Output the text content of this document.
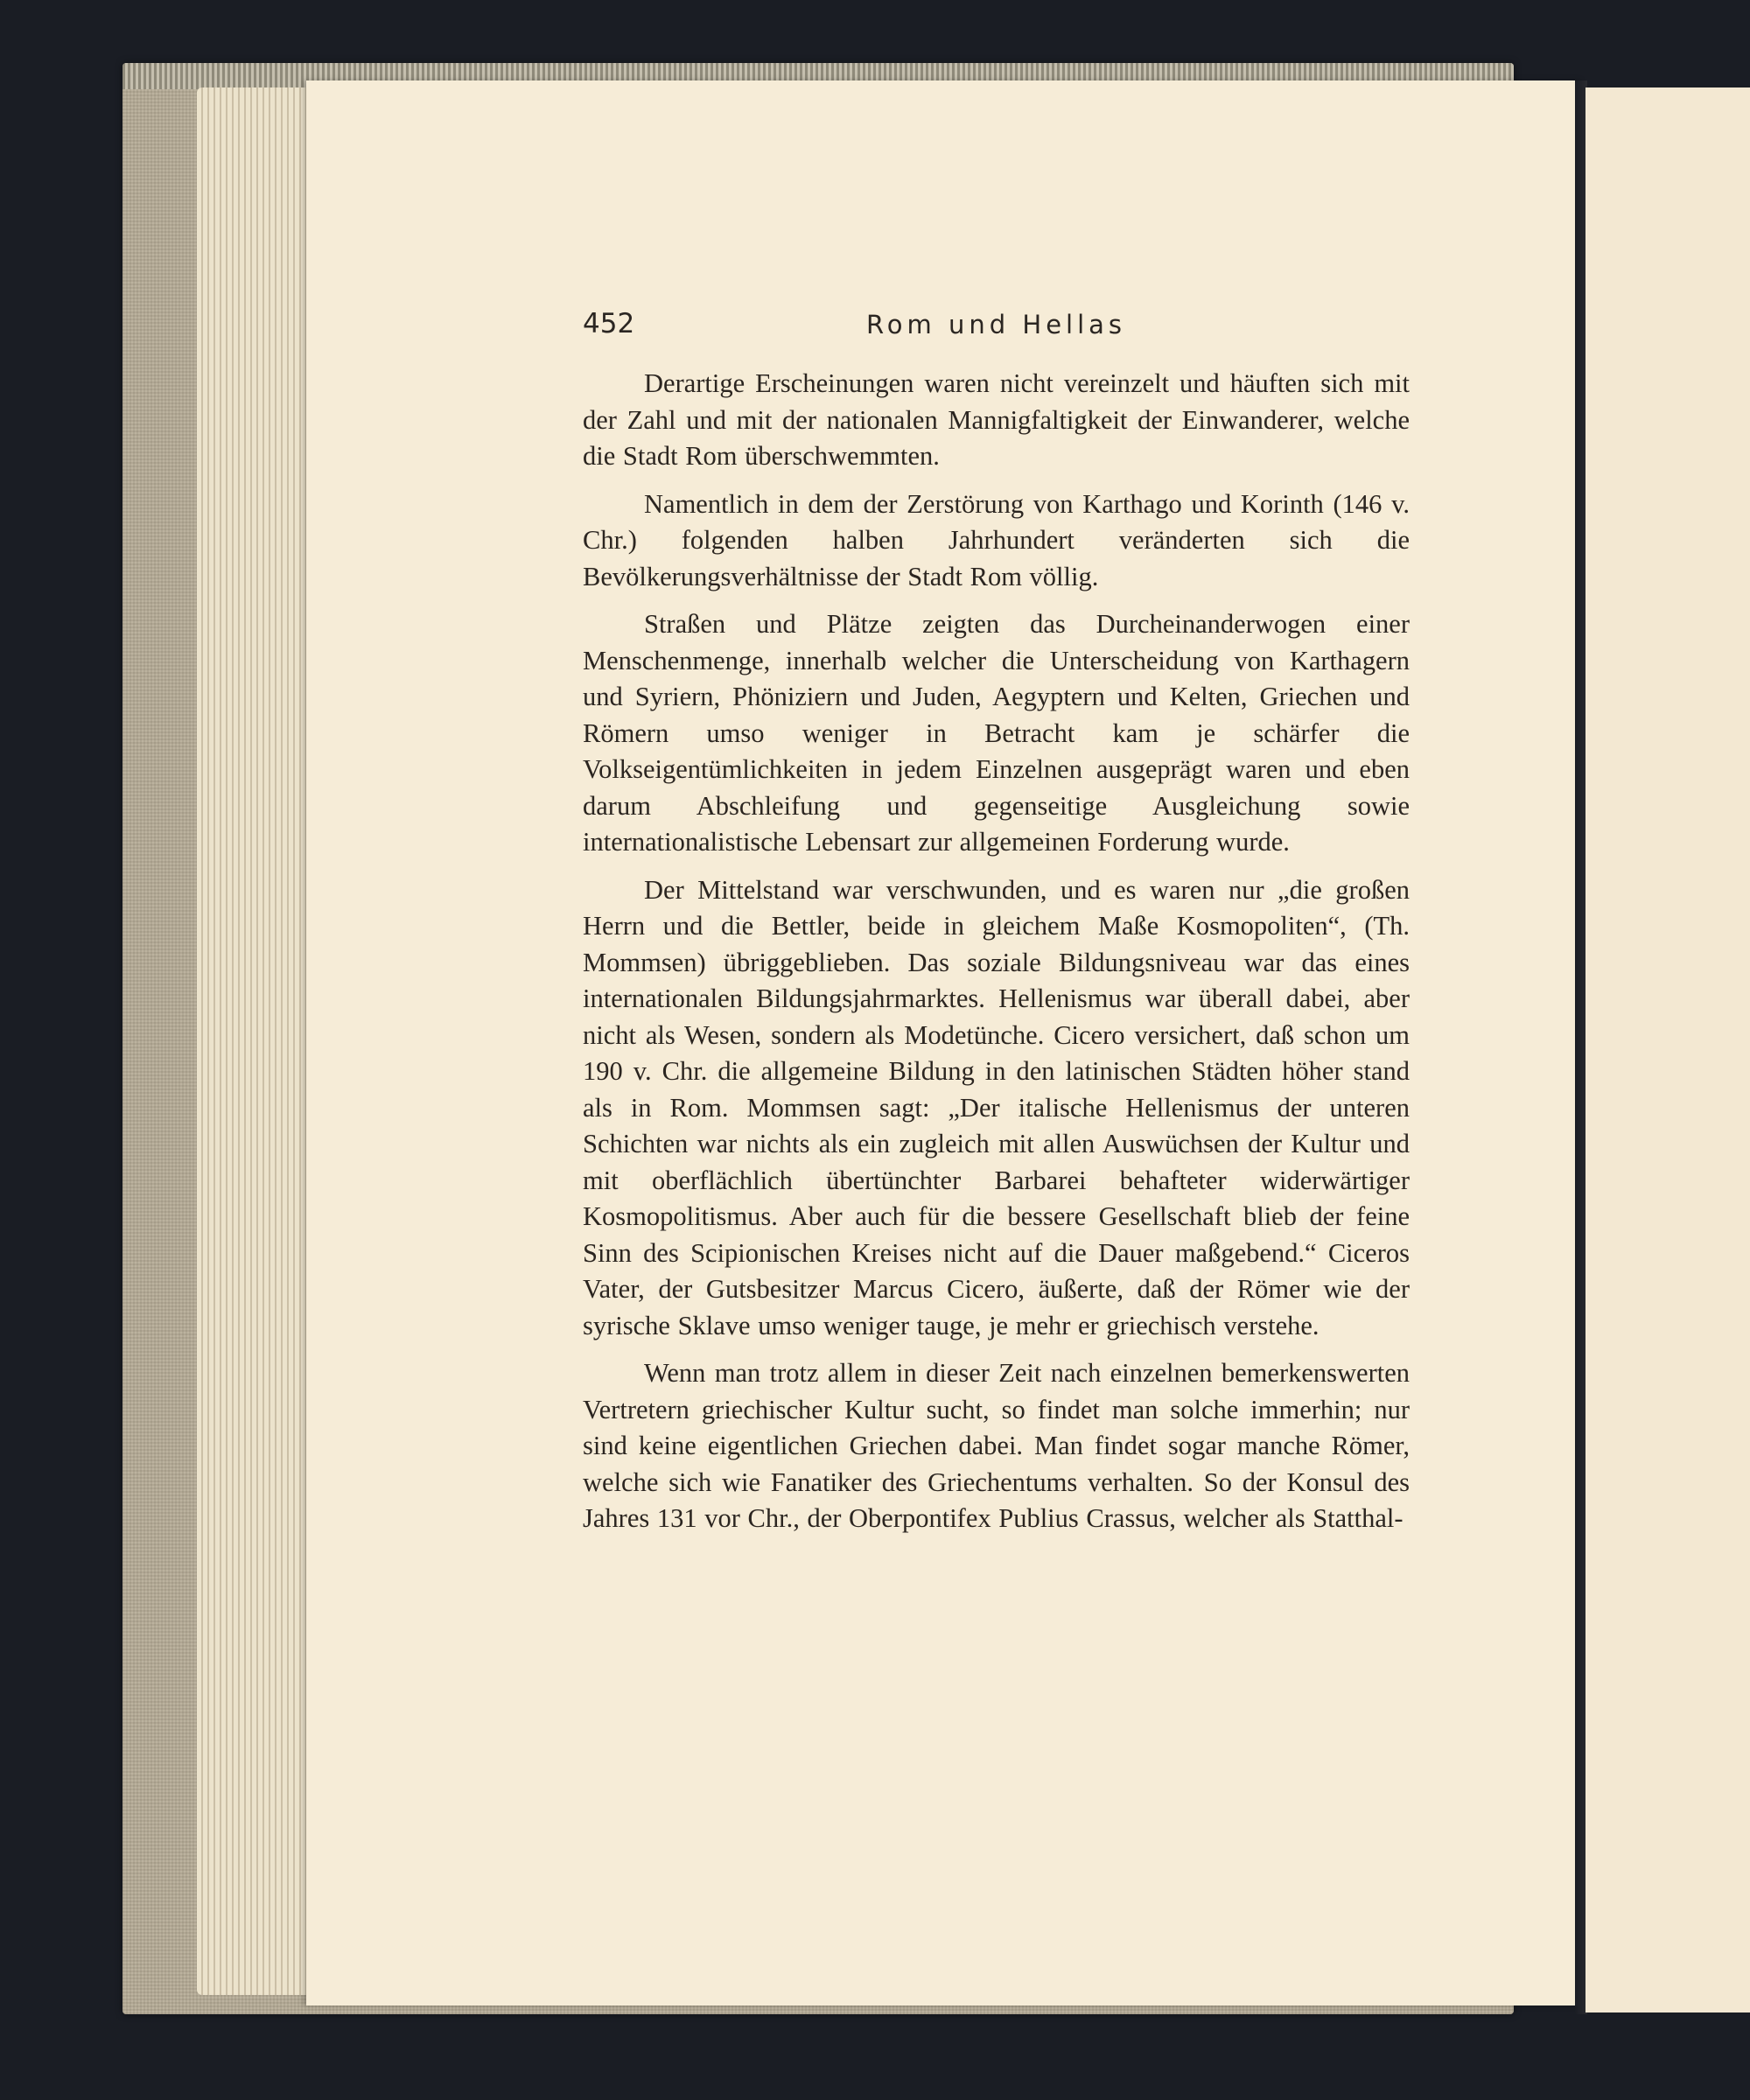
452	Rom und Hellas

Derartige Erscheinungen waren nicht vereinzelt und häuften sich mit der Zahl und mit der nationalen Mannigfaltigkeit der Einwanderer, welche die Stadt Rom überschwemmten.

Namentlich in dem der Zerstörung von Karthago und Korinth (146 v. Chr.) folgenden halben Jahrhundert veränderten sich die Bevölkerungsverhältnisse der Stadt Rom völlig.

Straßen und Plätze zeigten das Durcheinanderwogen einer Menschenmenge, innerhalb welcher die Unterscheidung von Karthagern und Syriern, Phöniziern und Juden, Aegyptern und Kelten, Griechen und Römern umso weniger in Betracht kam je schärfer die Volkseigentümlichkeiten in jedem Einzelnen ausgeprägt waren und eben darum Abschleifung und gegenseitige Ausgleichung sowie internationalistische Lebensart zur allgemeinen Forderung wurde.

Der Mittelstand war verschwunden, und es waren nur „die großen Herrn und die Bettler, beide in gleichem Maße Kosmopoliten“, (Th. Mommsen) übriggeblieben. Das soziale Bildungsniveau war das eines internationalen Bildungsjahrmarktes. Hellenismus war überall dabei, aber nicht als Wesen, sondern als Modetünche. Cicero versichert, daß schon um 190 v. Chr. die allgemeine Bildung in den latinischen Städten höher stand als in Rom. Mommsen sagt: „Der italische Hellenismus der unteren Schichten war nichts als ein zugleich mit allen Auswüchsen der Kultur und mit oberflächlich übertünchter Barbarei behafteter widerwärtiger Kosmopolitismus. Aber auch für die bessere Gesellschaft blieb der feine Sinn des Scipionischen Kreises nicht auf die Dauer maßgebend.“ Ciceros Vater, der Gutsbesitzer Marcus Cicero, äußerte, daß der Römer wie der syrische Sklave umso weniger tauge, je mehr er griechisch verstehe.

Wenn man trotz allem in dieser Zeit nach einzelnen bemerkenswerten Vertretern griechischer Kultur sucht, so findet man solche immerhin; nur sind keine eigentlichen Griechen dabei. Man findet sogar manche Römer, welche sich wie Fanatiker des Griechentums verhalten. So der Konsul des Jahres 131 vor Chr., der Oberpontifex Publius Crassus, welcher als Statthal-
